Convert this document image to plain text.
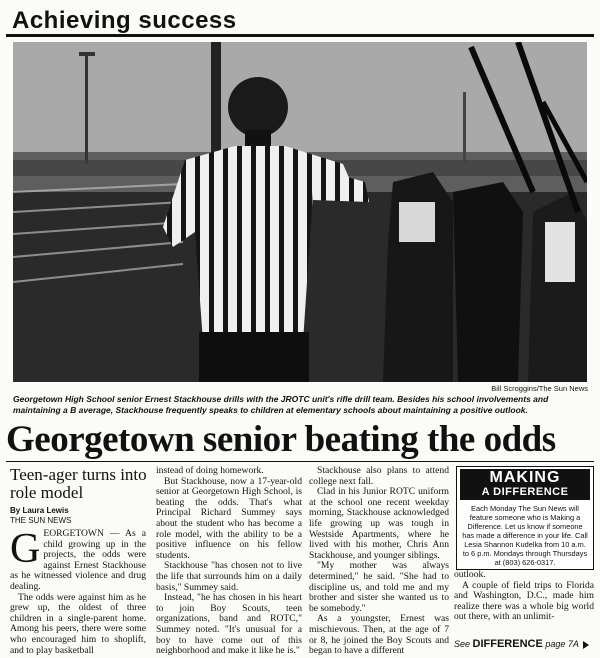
Achieving success
Bill Scroggins/The Sun News
Georgetown High School senior Ernest Stackhouse drills with the JROTC unit's rifle drill team. Besides his school involvements and maintaining a B average, Stackhouse frequently speaks to children at elementary schools about maintaining a positive outlook.
Georgetown senior beating the odds
Teen-ager turns into role model
By Laura Lewis
THE SUN NEWS
G EORGETOWN — As a child growing up in the projects, the odds were against Ernest Stackhouse as he witnessed violence and drug dealing.

The odds were against him as he grew up, the oldest of three children in a single-parent home. Among his peers, there were some who encouraged him to shoplift, and to play basketball

instead of doing homework.

But Stackhouse, now a 17-year-old senior at Georgetown High School, is beating the odds. That's what Principal Richard Summey says about the student who has become a role model, with the ability to be a positive influence on his fellow students.

Stackhouse "has chosen not to live the life that surrounds him on a daily basis," Summey said.

Instead, "he has chosen in his heart to join Boy Scouts, teen organizations, band and ROTC," Summey noted. "It's unusual for a boy to have come out of this neighborhood and make it like he is."

Stackhouse also plans to attend college next fall.

Clad in his Junior ROTC uniform at the school one recent weekday morning, Stackhouse acknowledged life growing up was tough in Westside Apartments, where he lived with his mother, Chris Ann Stackhouse, and younger siblings.

"My mother was always determined," he said. "She had to discipline us, and told me and my brother and sister she wanted us to be somebody."

As a youngster, Ernest was mischievous. Then, at the age of 7 or 8, he joined the Boy Scouts and began to have a different

MAKING
A DIFFERENCE
Each Monday The Sun News will feature someone who is Making a Difference. Let us know if someone has made a difference in your life. Call Lesia Shannon Kudelka from 10 a.m. to 6 p.m. Mondays through Thursdays at (803) 626-0317.

outlook.

A couple of field trips to Florida and Washington, D.C., made him realize there was a whole big world out there, with an unlimit-

See DIFFERENCE page 7A
